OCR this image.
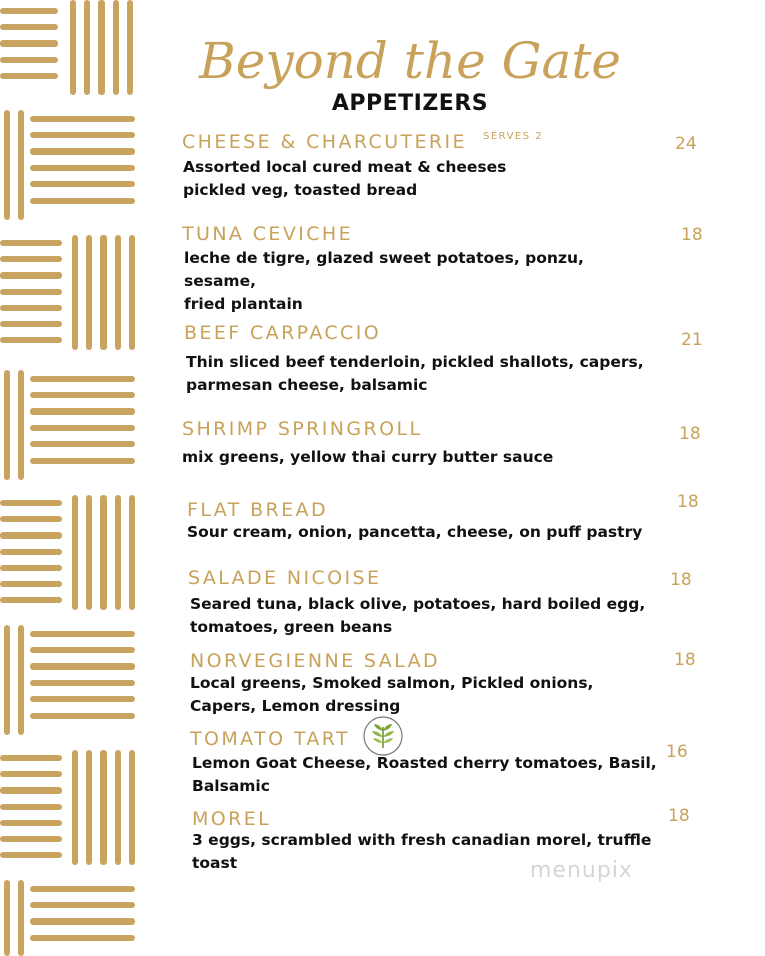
Beyond the Gate
APPETIZERS
CHEESE & CHARCUTERIE SERVES 2	24
Assorted local cured meat & cheeses
pickled veg, toasted bread
TUNA CEVICHE	18
leche de tigre, glazed sweet potatoes, ponzu, sesame,
fried plantain
BEEF CARPACCIO	21
Thin sliced beef tenderloin, pickled shallots, capers,
parmesan cheese, balsamic
SHRIMP SPRINGROLL	18
mix greens, yellow thai curry butter sauce
FLAT BREAD	18
Sour cream, onion, pancetta, cheese, on puff pastry
SALADE NICOISE	18
Seared tuna, black olive, potatoes, hard boiled egg,
tomatoes, green beans
NORVEGIENNE SALAD	18
Local greens, Smoked salmon, Pickled onions,
Capers, Lemon dressing
TOMATO TART
16
Lemon Goat Cheese, Roasted cherry tomatoes, Basil,
Balsamic
MOREL	18
3 eggs, scrambled with fresh canadian morel, truffle
toast	menupix
